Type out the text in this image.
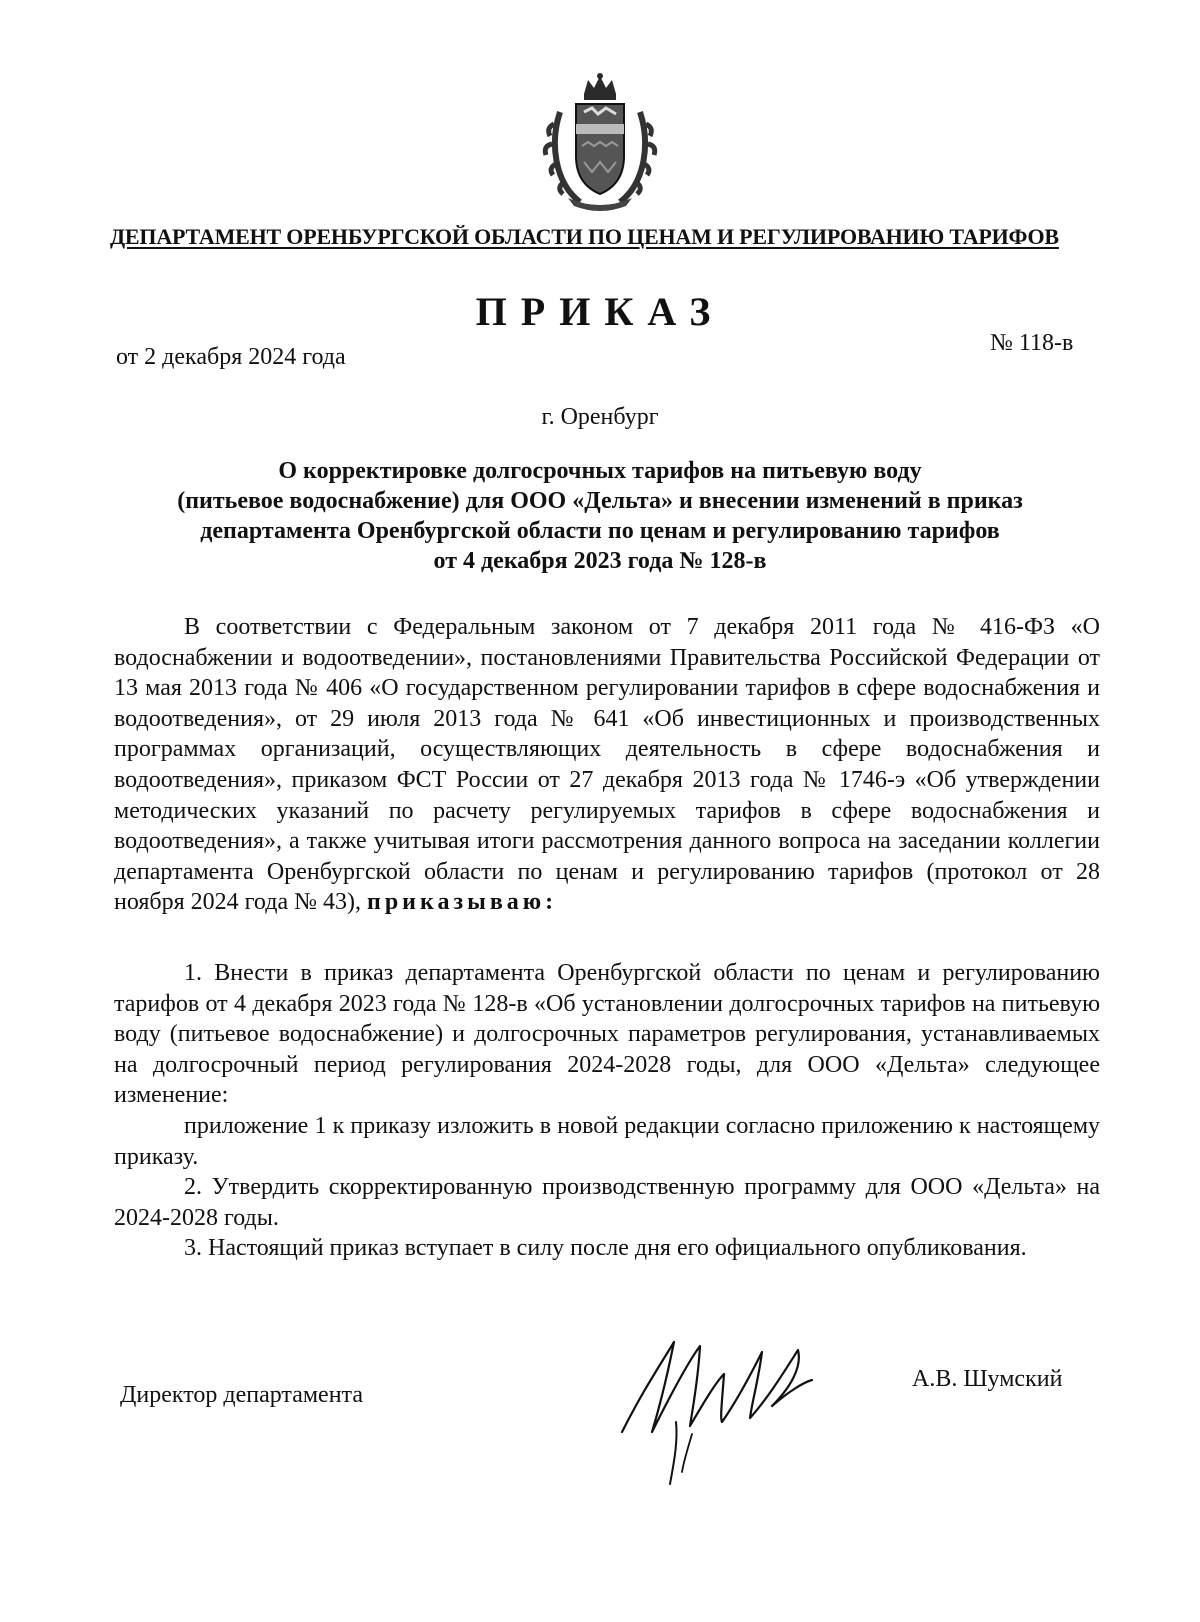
ДЕПАРТАМЕНТ ОРЕНБУРГСКОЙ ОБЛАСТИ ПО ЦЕНАМ И РЕГУЛИРОВАНИЮ ТАРИФОВ
ПРИКАЗ
от 2 декабря 2024 года
№ 118-в
г. Оренбург
О корректировке долгосрочных тарифов на питьевую воду
(питьевое водоснабжение) для ООО «Дельта» и внесении изменений в приказ
департамента Оренбургской области по ценам и регулированию тарифов
от 4 декабря 2023 года № 128-в

В соответствии с Федеральным законом от 7 декабря 2011 года № 416-ФЗ «О водоснабжении и водоотведении», постановлениями Правительства Российской Федерации от 13 мая 2013 года № 406 «О государственном регулировании тарифов в сфере водоснабжения и водоотведения», от 29 июля 2013 года № 641 «Об инвестиционных и производственных программах организаций, осуществляющих деятельность в сфере водоснабжения и водоотведения», приказом ФСТ России от 27 декабря 2013 года № 1746-э «Об утверждении методических указаний по расчету регулируемых тарифов в сфере водоснабжения и водоотведения», а также учитывая итоги рассмотрения данного вопроса на заседании коллегии департамента Оренбургской области по ценам и регулированию тарифов (протокол от 28 ноября 2024 года № 43), приказываю:

1. Внести в приказ департамента Оренбургской области по ценам и регулированию тарифов от 4 декабря 2023 года № 128-в «Об установлении долгосрочных тарифов на питьевую воду (питьевое водоснабжение) и долгосрочных параметров регулирования, устанавливаемых на долгосрочный период регулирования 2024-2028 годы, для ООО «Дельта» следующее изменение:

приложение 1 к приказу изложить в новой редакции согласно приложению к настоящему приказу.

2. Утвердить скорректированную производственную программу для ООО «Дельта» на 2024-2028 годы.

3. Настоящий приказ вступает в силу после дня его официального опубликования.

Директор департамента
А.В. Шумский
